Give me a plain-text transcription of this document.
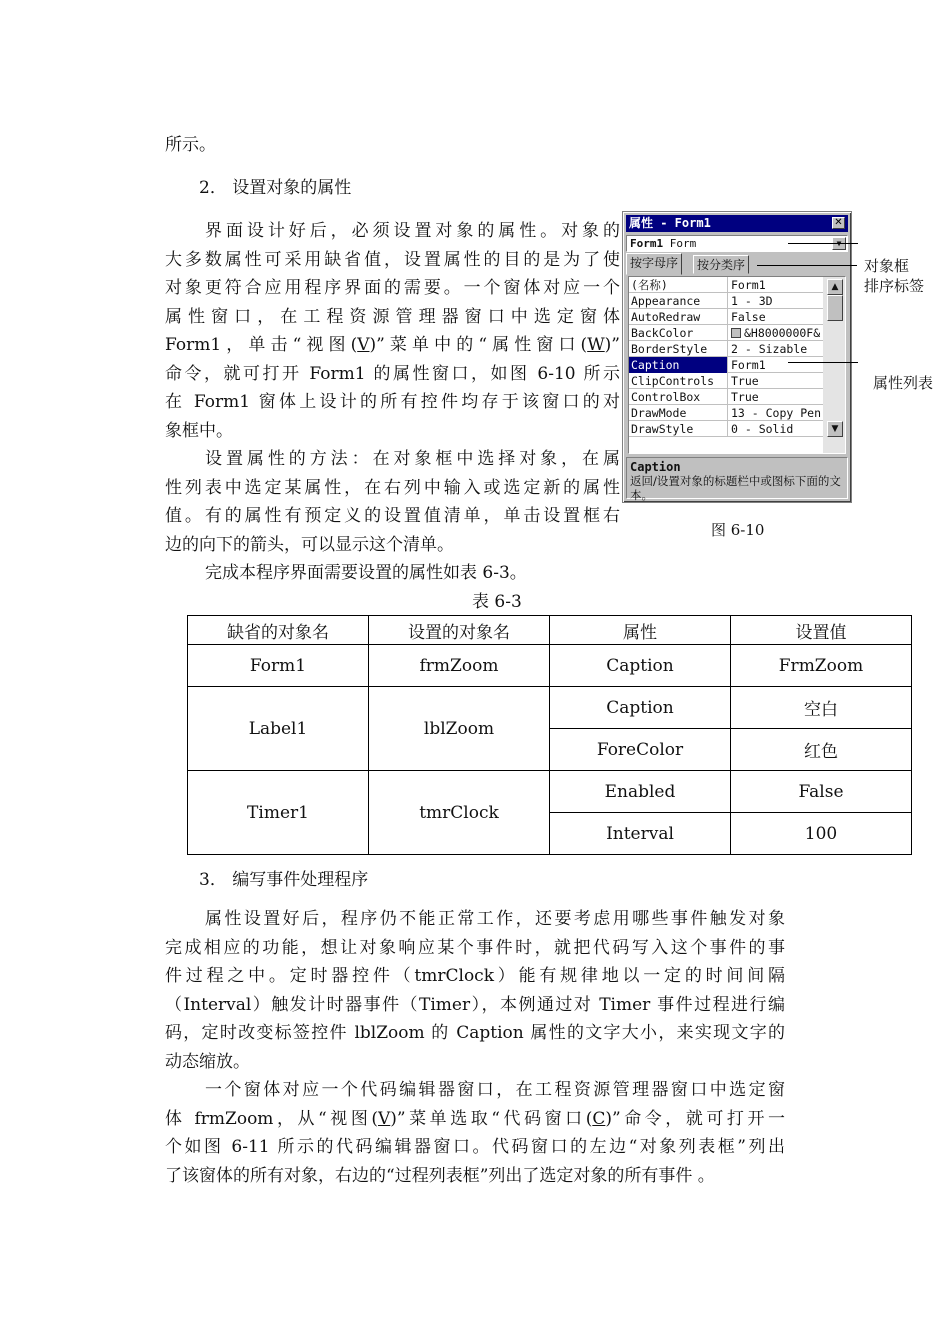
所示。

2． 设置对象的属性

界面设计好后，必须设置对象的属性。对象的
大多数属性可采用缺省值，设置属性的目的是为了使
对象更符合应用程序界面的需要。一个窗体对应一个
属性窗口，在工程资源管理器窗口中选定窗体
Form1，单击“视图(V)”菜单中的“属性窗口(W)”
命令，就可打开 Form1 的属性窗口，如图 6-10 所示
在 Form1 窗体上设计的所有控件均存于该窗口的对
象框中。
设置属性的方法：在对象框中选择对象，在属
性列表中选定某属性，在右列中输入或选定新的属性
值。有的属性有预定义的设置值清单，单击设置框右
边的向下的箭头，可以显示这个清单。

完成本程序界面需要设置的属性如表 6-3。

表 6-3

属性 - Form1	✕
Form1 Form
按字母序	按分类序
(名称)	Form1
Appearance	1 - 3D
AutoRedraw	False
BackColor	&H8000000F&
BorderStyle	2 - Sizable
Caption	Form1
ClipControls	True
ControlBox	True
DrawMode	13 - Copy Pen
DrawStyle	0 - Solid
▲
▼
Caption
返回/设置对象的标题栏中或图标下面的文本。
对象框
排序标签
属性列表
图 6-10
缺省的对象名	设置的对象名	属性	设置值
Form1	frmZoom	Caption	FrmZoom
Label1	lblZoom	Caption	空白
		ForeColor	红色
Timer1	tmrClock	Enabled	False
		Interval	100

3． 编写事件处理程序

属性设置好后，程序仍不能正常工作，还要考虑用哪些事件触发对象
完成相应的功能，想让对象响应某个事件时，就把代码写入这个事件的事
件过程之中。定时器控件（tmrClock）能有规律地以一定的时间间隔
（Interval）触发计时器事件（Timer），本例通过对 Timer 事件过程进行编
码，定时改变标签控件 lblZoom 的 Caption 属性的文字大小，来实现文字的
动态缩放。
一个窗体对应一个代码编辑器窗口，在工程资源管理器窗口中选定窗
体 frmZoom，从“视图(V)”菜单选取“代码窗口(C)”命令，就可打开一
个如图 6-11 所示的代码编辑器窗口。代码窗口的左边“对象列表框”列出
了该窗体的所有对象，右边的“过程列表框”列出了选定对象的所有事件 。
